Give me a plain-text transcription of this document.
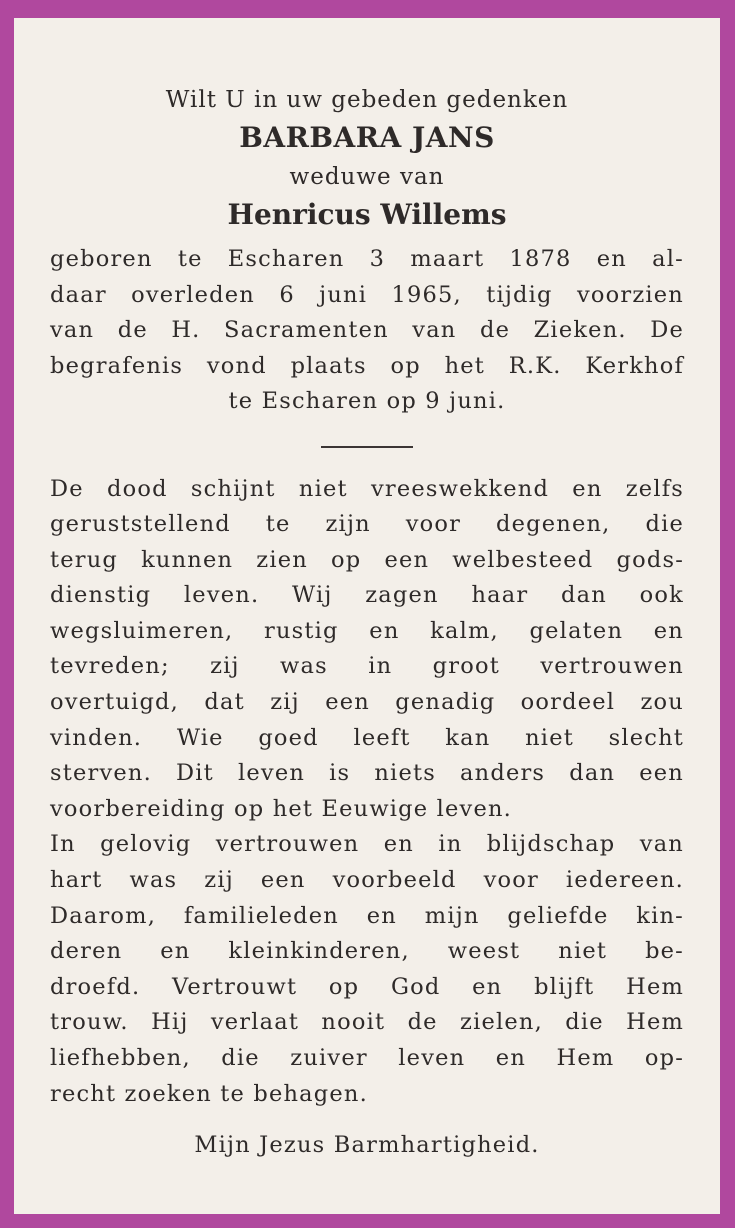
Wilt U in uw gebeden gedenken

BARBARA JANS

weduwe van

Henricus Willems

geboren te Escharen 3 maart 1878 en al-
daar overleden 6 juni 1965, tijdig voorzien
van de H. Sacramenten van de Zieken. De
begrafenis vond plaats op het R.K. Kerkhof
te Escharen op 9 juni.
De dood schijnt niet vreeswekkend en zelfs
geruststellend te zijn voor degenen, die
terug kunnen zien op een welbesteed gods-
dienstig leven. Wij zagen haar dan ook
wegsluimeren, rustig en kalm, gelaten en
tevreden; zij was in groot vertrouwen
overtuigd, dat zij een genadig oordeel zou
vinden. Wie goed leeft kan niet slecht
sterven. Dit leven is niets anders dan een
voorbereiding op het Eeuwige leven.
In gelovig vertrouwen en in blijdschap van
hart was zij een voorbeeld voor iedereen.
Daarom, familieleden en mijn geliefde kin-
deren en kleinkinderen, weest niet be-
droefd. Vertrouwt op God en blijft Hem
trouw. Hij verlaat nooit de zielen, die Hem
liefhebben, die zuiver leven en Hem op-
recht zoeken te behagen.

Mijn Jezus Barmhartigheid.
